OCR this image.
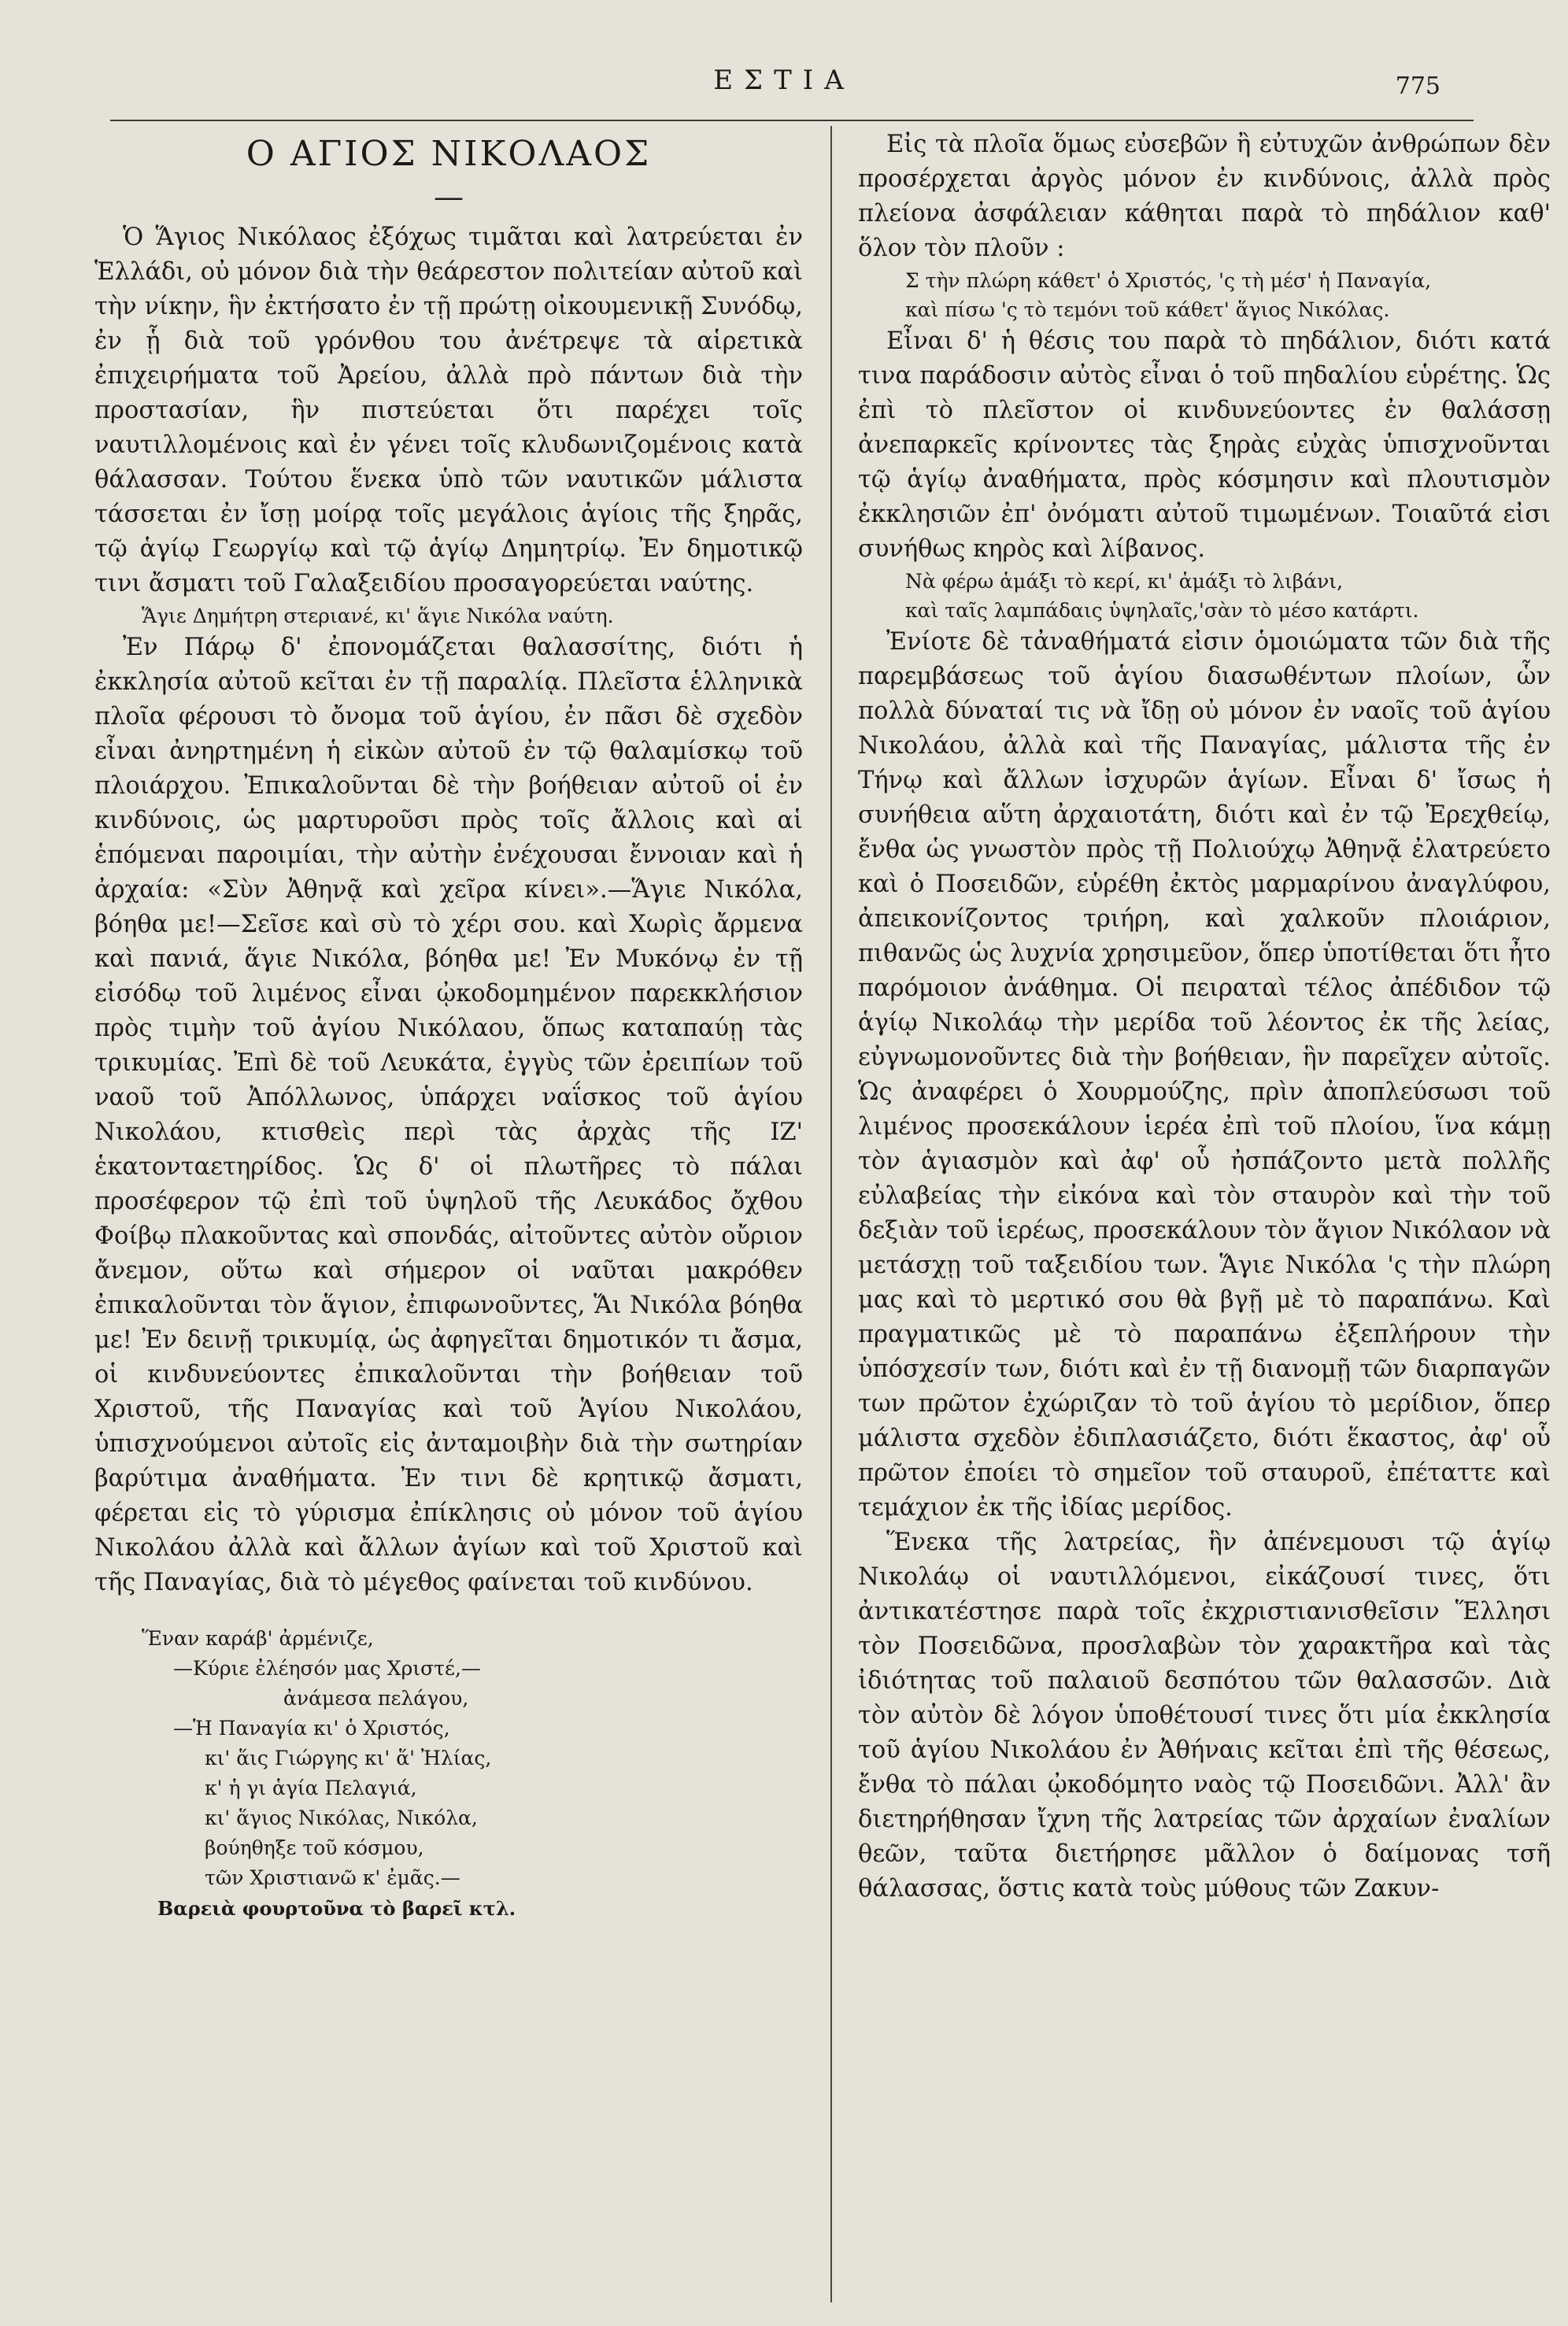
ΕΣΤΙΑ	775
Ο ΑΓΙΟΣ ΝΙΚΟΛΑΟΣ
—

Ὁ Ἅγιος Νικόλαος ἐξόχως τιμᾶται καὶ λατρεύεται ἐν Ἑλλάδι, οὐ μόνον διὰ τὴν θεάρεστον πολιτείαν αὐτοῦ καὶ τὴν νίκην, ἣν ἐκτήσατο ἐν τῇ πρώτῃ οἰκουμενικῇ Συνόδῳ, ἐν ᾗ διὰ τοῦ γρόνθου του ἀνέτρεψε τὰ αἱρετικὰ ἐπιχειρήματα τοῦ Ἀρείου, ἀλλὰ πρὸ πάντων διὰ τὴν προστασίαν, ἣν πιστεύεται ὅτι παρέχει τοῖς ναυτιλλομένοις καὶ ἐν γένει τοῖς κλυδωνιζομένοις κατὰ θάλασσαν. Τούτου ἕνεκα ὑπὸ τῶν ναυτικῶν μάλιστα τάσσεται ἐν ἴσῃ μοίρᾳ τοῖς μεγάλοις ἁγίοις τῆς ξηρᾶς, τῷ ἁγίῳ Γεωργίῳ καὶ τῷ ἁγίῳ Δημητρίῳ. Ἐν δημοτικῷ τινι ἄσματι τοῦ Γαλαξειδίου προσαγορεύεται ναύτης.

Ἅγιε Δημήτρη στεριανέ, κι' ἅγιε Νικόλα ναύτη.

Ἐν Πάρῳ δ' ἐπονομάζεται θαλασσίτης, διότι ἡ ἐκκλησία αὐτοῦ κεῖται ἐν τῇ παραλίᾳ. Πλεῖστα ἑλληνικὰ πλοῖα φέρουσι τὸ ὄνομα τοῦ ἁγίου, ἐν πᾶσι δὲ σχεδὸν εἶναι ἀνηρτημένη ἡ εἰκὼν αὐτοῦ ἐν τῷ θαλαμίσκῳ τοῦ πλοιάρχου. Ἐπικαλοῦνται δὲ τὴν βοήθειαν αὐτοῦ οἱ ἐν κινδύνοις, ὡς μαρτυροῦσι πρὸς τοῖς ἄλλοις καὶ αἱ ἑπόμεναι παροιμίαι, τὴν αὐτὴν ἐνέχουσαι ἔννοιαν καὶ ἡ ἀρχαία: «Σὺν Ἀθηνᾷ καὶ χεῖρα κίνει».—Ἅγιε Νικόλα, βόηθα με!—Σεῖσε καὶ σὺ τὸ χέρι σου. καὶ Χωρὶς ἄρμενα καὶ πανιά, ἅγιε Νικόλα, βόηθα με! Ἐν Μυκόνῳ ἐν τῇ εἰσόδῳ τοῦ λιμένος εἶναι ᾠκοδομημένον παρεκκλήσιον πρὸς τιμὴν τοῦ ἁγίου Νικόλαου, ὅπως καταπαύῃ τὰς τρικυμίας. Ἐπὶ δὲ τοῦ Λευκάτα, ἐγγὺς τῶν ἐρειπίων τοῦ ναοῦ τοῦ Ἀπόλλωνος, ὑπάρχει ναΐσκος τοῦ ἁγίου Νικολάου, κτισθεὶς περὶ τὰς ἀρχὰς τῆς ΙΖ' ἑκατονταετηρίδος. Ὡς δ' οἱ πλωτῆρες τὸ πάλαι προσέφερον τῷ ἐπὶ τοῦ ὑψηλοῦ τῆς Λευκάδος ὄχθου Φοίβῳ πλακοῦντας καὶ σπονδάς, αἰτοῦντες αὐτὸν οὔριον ἄνεμον, οὕτω καὶ σήμερον οἱ ναῦται μακρόθεν ἐπικαλοῦνται τὸν ἅγιον, ἐπιφωνοῦντες, Ἅι Νικόλα βόηθα με! Ἐν δεινῇ τρικυμίᾳ, ὡς ἀφηγεῖται δημοτικόν τι ἄσμα, οἱ κινδυνεύοντες ἐπικαλοῦνται τὴν βοήθειαν τοῦ Χριστοῦ, τῆς Παναγίας καὶ τοῦ Ἁγίου Νικολάου, ὑπισχνούμενοι αὐτοῖς εἰς ἀνταμοιβὴν διὰ τὴν σωτηρίαν βαρύτιμα ἀναθήματα. Ἐν τινι δὲ κρητικῷ ἄσματι, φέρεται εἰς τὸ γύρισμα ἐπίκλησις οὐ μόνον τοῦ ἁγίου Νικολάου ἀλλὰ καὶ ἄλλων ἁγίων καὶ τοῦ Χριστοῦ καὶ τῆς Παναγίας, διὰ τὸ μέγεθος φαίνεται τοῦ κινδύνου.

Ἕναν καράβ' ἀρμένιζε,
—Κύριε ἐλέησόν μας Χριστέ,—
ἀνάμεσα πελάγου,
—Ἡ Παναγία κι' ὁ Χριστός,
κι' ἅις Γιώργης κι' ἅ' Ἠλίας,
κ' ἡ γι ἁγία Πελαγιά,
κι' ἅγιος Νικόλας, Νικόλα,
βούηθηξε τοῦ κόσμου,
τῶν Χριστιανῶ κ' ἐμᾶς.—
Βαρειὰ φουρτοῦνα τὸ βαρεῖ κτλ.

Εἰς τὰ πλοῖα ὅμως εὐσεβῶν ἢ εὐτυχῶν ἀνθρώπων δὲν προσέρχεται ἀργὸς μόνον ἐν κινδύνοις, ἀλλὰ πρὸς πλείονα ἀσφάλειαν κάθηται παρὰ τὸ πηδάλιον καθ' ὅλον τὸν πλοῦν :

Σ τὴν πλώρη κάθετ' ὁ Χριστός, 'ς τὴ μέσ' ἡ Παναγία,
καὶ πίσω 'ς τὸ τεμόνι τοῦ κάθετ' ἅγιος Νικόλας.

Εἶναι δ' ἡ θέσις του παρὰ τὸ πηδάλιον, διότι κατά τινα παράδοσιν αὐτὸς εἶναι ὁ τοῦ πηδαλίου εὑρέτης. Ὡς ἐπὶ τὸ πλεῖστον οἱ κινδυνεύοντες ἐν θαλάσσῃ ἀνεπαρκεῖς κρίνοντες τὰς ξηρὰς εὐχὰς ὑπισχνοῦνται τῷ ἁγίῳ ἀναθήματα, πρὸς κόσμησιν καὶ πλουτισμὸν ἐκκλησιῶν ἐπ' ὀνόματι αὐτοῦ τιμωμένων. Τοιαῦτά εἰσι συνήθως κηρὸς καὶ λίβανος.

Νὰ φέρω ἁμάξι τὸ κερί, κι' ἁμάξι τὸ λιβάνι,
καὶ ταῖς λαμπάδαις ὑψηλαῖς,'σὰν τὸ μέσο κατάρτι.

Ἐνίοτε δὲ τἀναθήματά εἰσιν ὁμοιώματα τῶν διὰ τῆς παρεμβάσεως τοῦ ἁγίου διασωθέντων πλοίων, ὧν πολλὰ δύναταί τις νὰ ἴδῃ οὐ μόνον ἐν ναοῖς τοῦ ἁγίου Νικολάου, ἀλλὰ καὶ τῆς Παναγίας, μάλιστα τῆς ἐν Τήνῳ καὶ ἄλλων ἰσχυρῶν ἁγίων. Εἶναι δ' ἴσως ἡ συνήθεια αὕτη ἀρχαιοτάτη, διότι καὶ ἐν τῷ Ἐρεχθείῳ, ἔνθα ὡς γνωστὸν πρὸς τῇ Πολιούχῳ Ἀθηνᾷ ἐλατρεύετο καὶ ὁ Ποσειδῶν, εὑρέθη ἐκτὸς μαρμαρίνου ἀναγλύφου, ἀπεικονίζοντος τριήρη, καὶ χαλκοῦν πλοιάριον, πιθανῶς ὡς λυχνία χρησιμεῦον, ὅπερ ὑποτίθεται ὅτι ἦτο παρόμοιον ἀνάθημα. Οἱ πειραταὶ τέλος ἀπέδιδον τῷ ἁγίῳ Νικολάῳ τὴν μερίδα τοῦ λέοντος ἐκ τῆς λείας, εὐγνωμονοῦντες διὰ τὴν βοήθειαν, ἣν παρεῖχεν αὐτοῖς. Ὡς ἀναφέρει ὁ Χουρμούζης, πρὶν ἀποπλεύσωσι τοῦ λιμένος προσεκάλουν ἱερέα ἐπὶ τοῦ πλοίου, ἵνα κάμῃ τὸν ἁγιασμὸν καὶ ἀφ' οὗ ἠσπάζοντο μετὰ πολλῆς εὐλαβείας τὴν εἰκόνα καὶ τὸν σταυρὸν καὶ τὴν τοῦ δεξιὰν τοῦ ἱερέως, προσεκάλουν τὸν ἅγιον Νικόλαον νὰ μετάσχῃ τοῦ ταξειδίου των. Ἅγιε Νικόλα 'ς τὴν πλώρη μας καὶ τὸ μερτικό σου θὰ βγῇ μὲ τὸ παραπάνω. Καὶ πραγματικῶς μὲ τὸ παραπάνω ἐξεπλήρουν τὴν ὑπόσχεσίν των, διότι καὶ ἐν τῇ διανομῇ τῶν διαρπαγῶν των πρῶτον ἐχώριζαν τὸ τοῦ ἁγίου τὸ μερίδιον, ὅπερ μάλιστα σχεδὸν ἐδιπλασιάζετο, διότι ἕκαστος, ἀφ' οὗ πρῶτον ἐποίει τὸ σημεῖον τοῦ σταυροῦ, ἐπέταττε καὶ τεμάχιον ἐκ τῆς ἰδίας μερίδος.

Ἕνεκα τῆς λατρείας, ἣν ἀπένεμουσι τῷ ἁγίῳ Νικολάῳ οἱ ναυτιλλόμενοι, εἰκάζουσί τινες, ὅτι ἀντικατέστησε παρὰ τοῖς ἐκχριστιανισθεῖσιν Ἕλλησι τὸν Ποσειδῶνα, προσλαβὼν τὸν χαρακτῆρα καὶ τὰς ἰδιότητας τοῦ παλαιοῦ δεσπότου τῶν θαλασσῶν. Διὰ τὸν αὐτὸν δὲ λόγον ὑποθέτουσί τινες ὅτι μία ἐκκλησία τοῦ ἁγίου Νικολάου ἐν Ἀθήναις κεῖται ἐπὶ τῆς θέσεως, ἔνθα τὸ πάλαι ᾠκοδόμητο ναὸς τῷ Ποσειδῶνι. Ἀλλ' ἂν διετηρήθησαν ἴχνη τῆς λατρείας τῶν ἀρχαίων ἐναλίων θεῶν, ταῦτα διετήρησε μᾶλλον ὁ δαίμονας τσῆ θάλασσας, ὅστις κατὰ τοὺς μύθους τῶν Ζακυν-
